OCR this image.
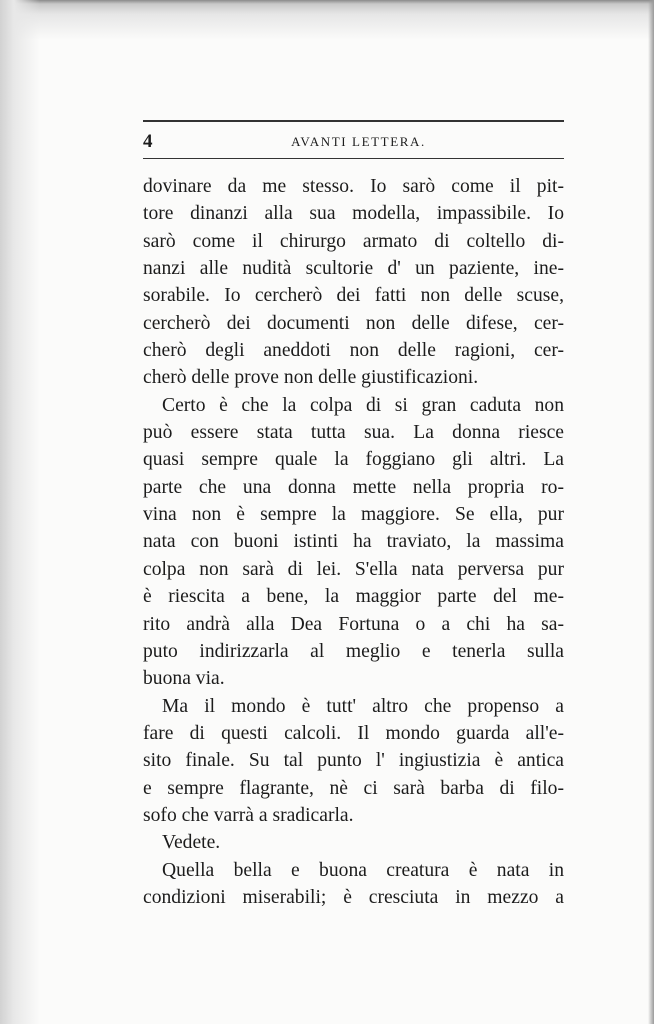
4	AVANTI LETTERA.
dovinare da me stesso. Io sarò come il pit-
tore dinanzi alla sua modella, impassibile. Io
sarò come il chirurgo armato di coltello di-
nanzi alle nudità scultorie d' un paziente, ine-
sorabile. Io cercherò dei fatti non delle scuse,
cercherò dei documenti non delle difese, cer-
cherò degli aneddoti non delle ragioni, cer-
cherò delle prove non delle giustificazioni.
Certo è che la colpa di si gran caduta non
può essere stata tutta sua. La donna riesce
quasi sempre quale la foggiano gli altri. La
parte che una donna mette nella propria ro-
vina non è sempre la maggiore. Se ella, pur
nata con buoni istinti ha traviato, la massima
colpa non sarà di lei. S'ella nata perversa pur
è riescita a bene, la maggior parte del me-
rito andrà alla Dea Fortuna o a chi ha sa-
puto indirizzarla al meglio e tenerla sulla
buona via.
Ma il mondo è tutt' altro che propenso a
fare di questi calcoli. Il mondo guarda all'e-
sito finale. Su tal punto l' ingiustizia è antica
e sempre flagrante, nè ci sarà barba di filo-
sofo che varrà a sradicarla.
Vedete.
Quella bella e buona creatura è nata in
condizioni miserabili; è cresciuta in mezzo a
